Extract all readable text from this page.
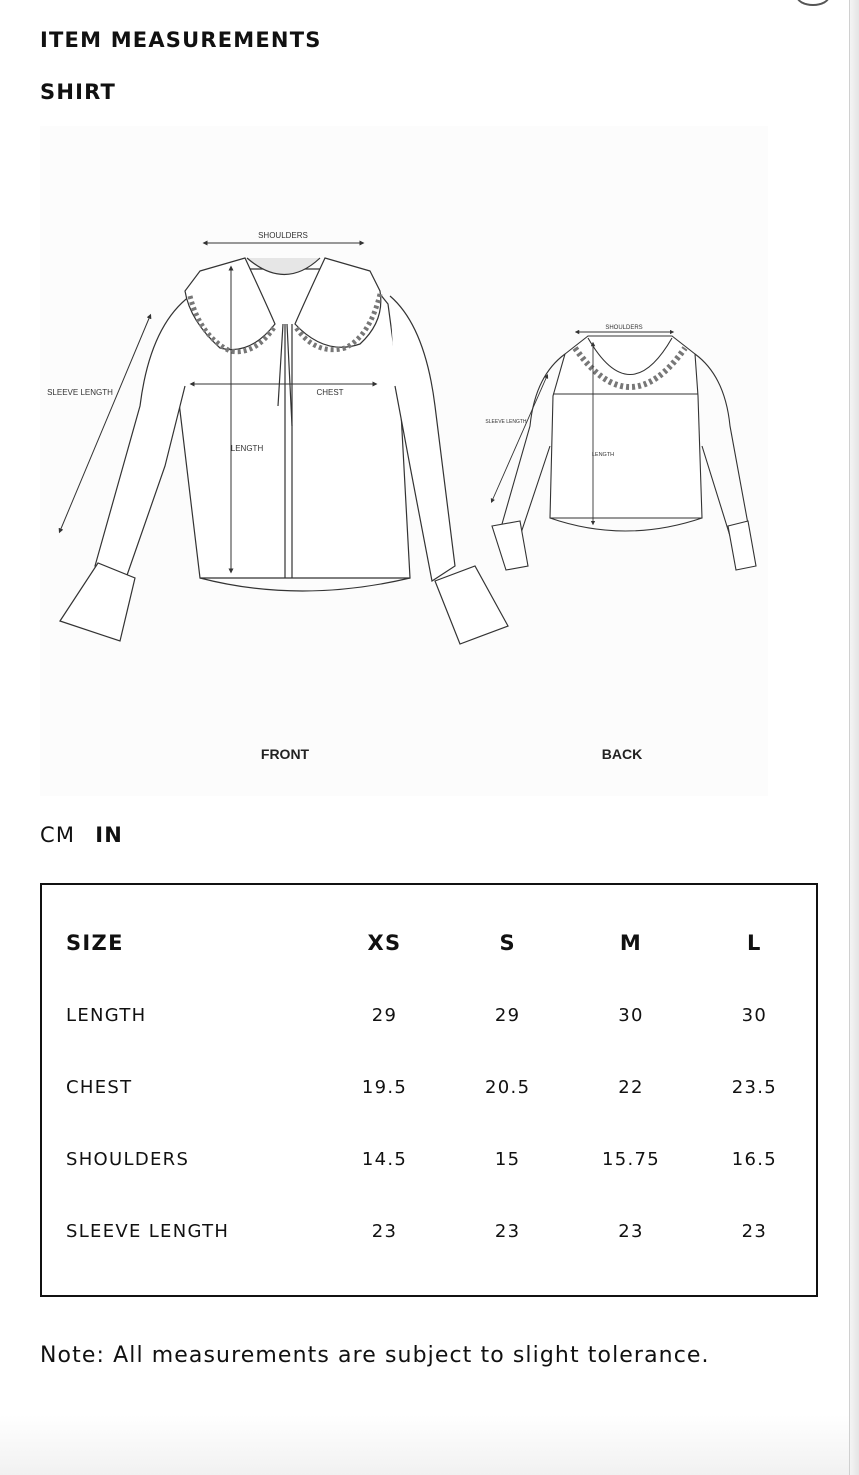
ITEM MEASUREMENTS
SHIRT
SHOULDERS
CHEST
LENGTH
SLEEVE LENGTH
SHOULDERS
LENGTH
SLEEVE LENGTH
FRONT	BACK
CM IN
SIZE	XS	S	M	L
LENGTH	29	29	30	30
CHEST	19.5	20.5	22	23.5
SHOULDERS	14.5	15	15.75	16.5
SLEEVE LENGTH	23	23	23	23
Note: All measurements are subject to slight tolerance.
